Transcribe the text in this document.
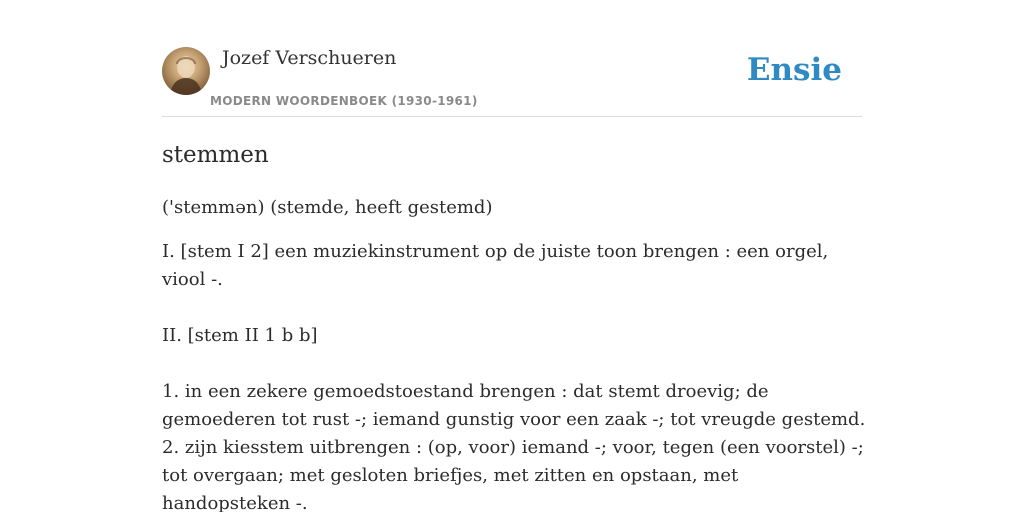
Jozef Verschueren
MODERN WOORDENBOEK (1930-1961)
Ensie
stemmen

('stemmən) (stemde, heeft gestemd)

I. [stem I 2] een muziekinstrument op de juiste toon brengen : een orgel, viool -.

II. [stem II 1 b b]

1. in een zekere gemoedstoestand brengen : dat stemt droevig; de gemoederen tot rust -; iemand gunstig voor een zaak -; tot vreugde gestemd.
2. zijn kiesstem uitbrengen : (op, voor) iemand -; voor, tegen (een voorstel) -; tot overgaan; met gesloten briefjes, met zitten en opstaan, met handopsteken -.
